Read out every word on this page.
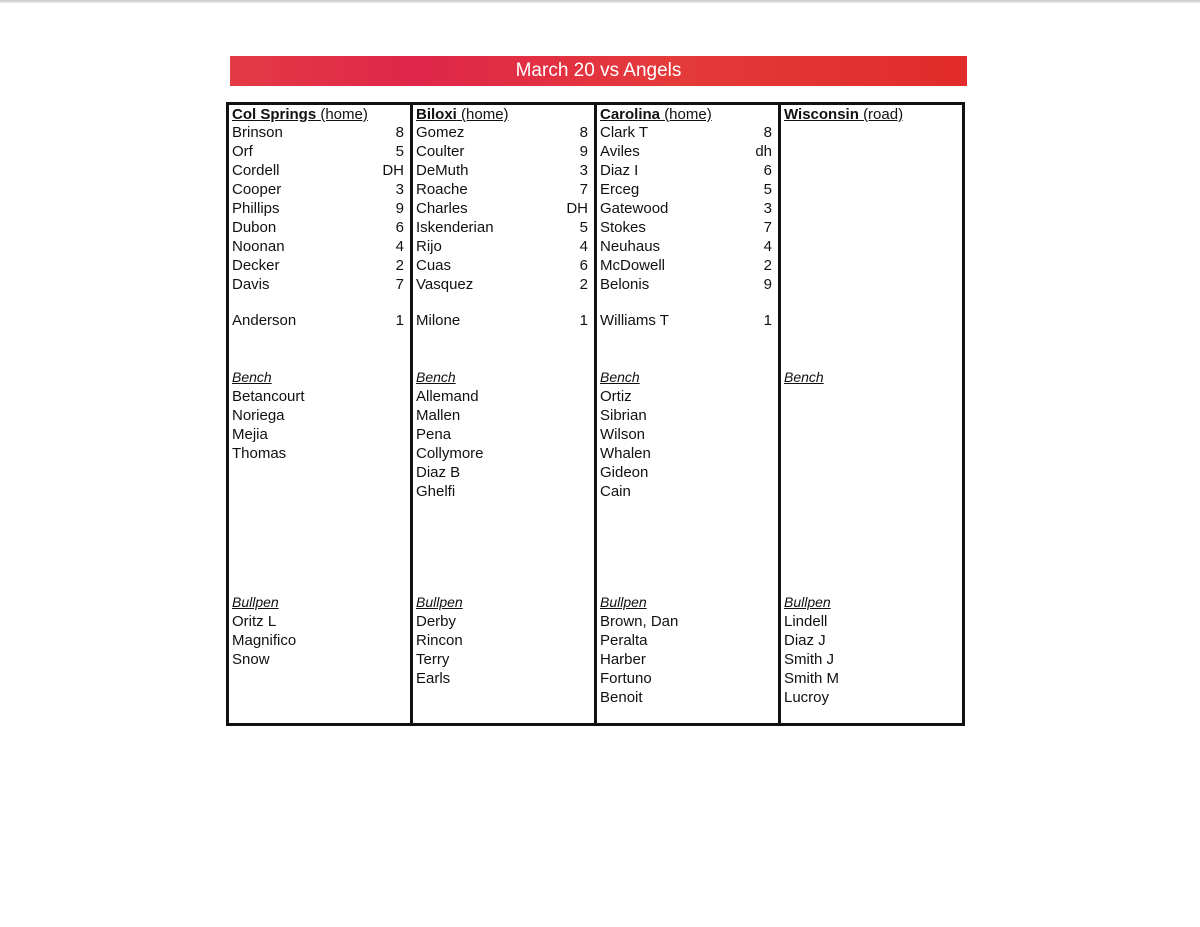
March 20 vs Angels
Col Springs (home)
Brinson	8
Orf	5
Cordell	DH
Cooper	3
Phillips	9
Dubon	6
Noonan	4
Decker	2
Davis	7
Anderson	1
Bench
Betancourt
Noriega
Mejia
Thomas
Bullpen
Oritz L
Magnifico
Snow
Biloxi (home)
Gomez	8
Coulter	9
DeMuth	3
Roache	7
Charles	DH
Iskenderian	5
Rijo	4
Cuas	6
Vasquez	2
Milone	1
Bench
Allemand
Mallen
Pena
Collymore
Diaz B
Ghelfi
Bullpen
Derby
Rincon
Terry
Earls
Carolina (home)
Clark T	8
Aviles	dh
Diaz I	6
Erceg	5
Gatewood	3
Stokes	7
Neuhaus	4
McDowell	2
Belonis	9
Williams T	1
Bench
Ortiz
Sibrian
Wilson
Whalen
Gideon
Cain
Bullpen
Brown, Dan
Peralta
Harber
Fortuno
Benoit
Wisconsin (road)
Bench
Bullpen
Lindell
Diaz J
Smith J
Smith M
Lucroy
